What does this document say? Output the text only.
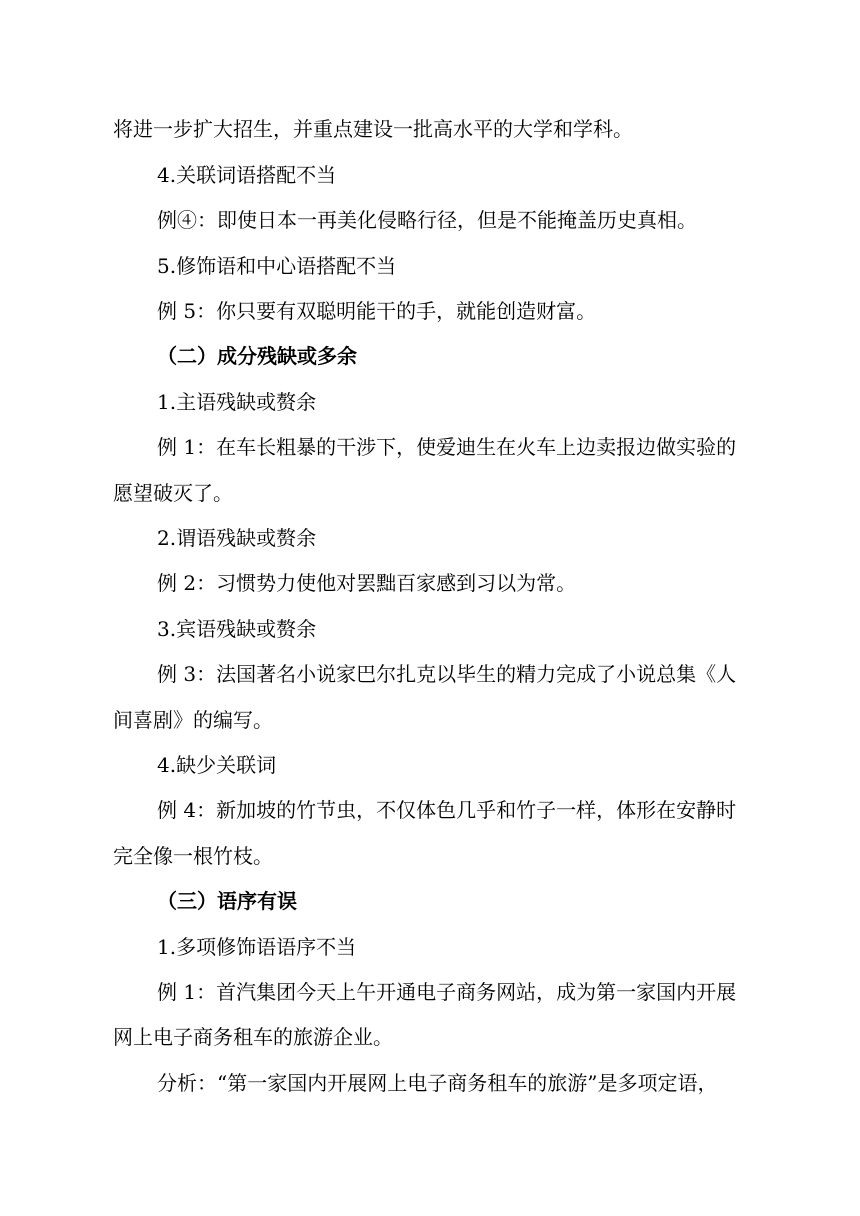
将进一步扩大招生，并重点建设一批高水平的大学和学科。
4.关联词语搭配不当
例④：即使日本一再美化侵略行径，但是不能掩盖历史真相。
5.修饰语和中心语搭配不当
例 5：你只要有双聪明能干的手，就能创造财富。
（二）成分残缺或多余
1.主语残缺或赘余
例 1：在车长粗暴的干涉下，使爱迪生在火车上边卖报边做实验的
愿望破灭了。
2.谓语残缺或赘余
例 2：习惯势力使他对罢黜百家感到习以为常。
3.宾语残缺或赘余
例 3：法国著名小说家巴尔扎克以毕生的精力完成了小说总集《人
间喜剧》的编写。
4.缺少关联词
例 4：新加坡的竹节虫，不仅体色几乎和竹子一样，体形在安静时
完全像一根竹枝。
（三）语序有误
1.多项修饰语语序不当
例 1：首汽集团今天上午开通电子商务网站，成为第一家国内开展
网上电子商务租车的旅游企业。
分析：“第一家国内开展网上电子商务租车的旅游”是多项定语，
